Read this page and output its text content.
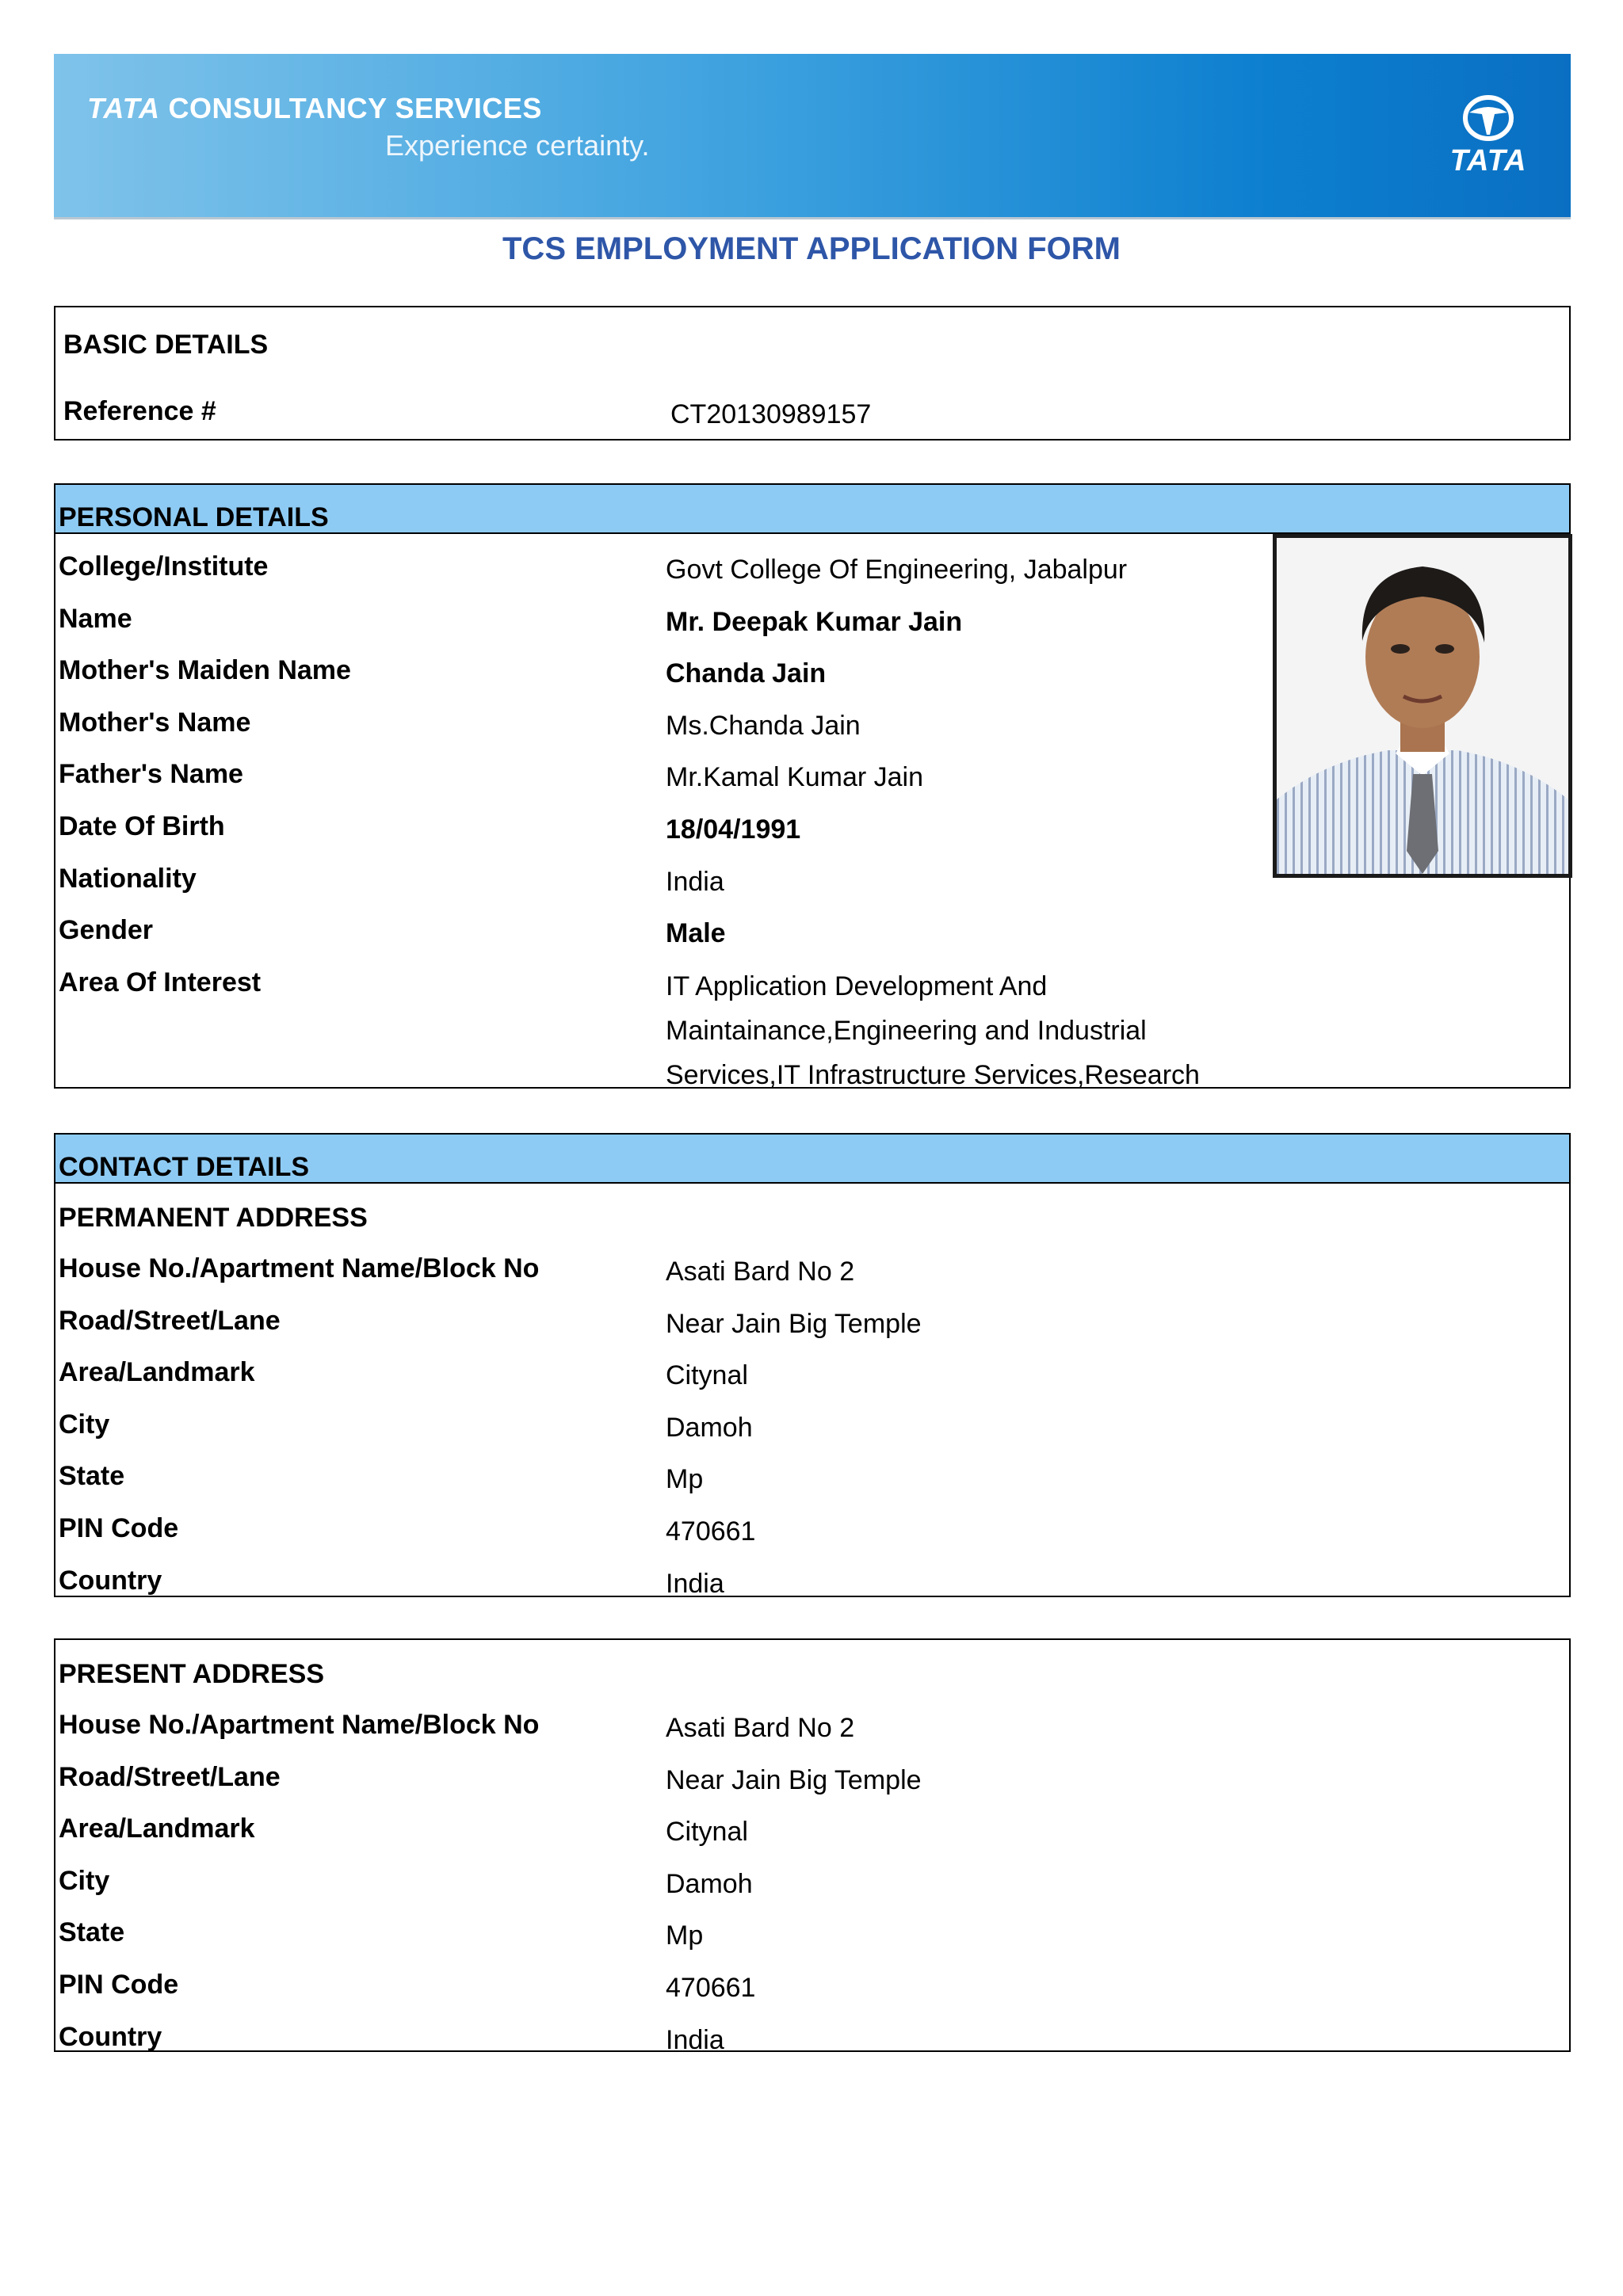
TATA CONSULTANCY SERVICES
Experience certainty.	TATA
TCS EMPLOYMENT APPLICATION FORM
BASIC DETAILS
Reference #	CT20130989157
PERSONAL DETAILS
College/Institute	Govt College Of Engineering, Jabalpur
Name	Mr. Deepak Kumar Jain
Mother's Maiden Name	Chanda Jain
Mother's Name	Ms.Chanda Jain
Father's Name	Mr.Kamal Kumar Jain
Date Of Birth	18/04/1991
Nationality	India
Gender	Male
Area Of Interest	IT Application Development And Maintainance,Engineering and Industrial Services,IT Infrastructure Services,Research
CONTACT DETAILS
PERMANENT ADDRESS
House No./Apartment Name/Block No	Asati Bard No 2
Road/Street/Lane	Near Jain Big Temple
Area/Landmark	Citynal
City	Damoh
State	Mp
PIN Code	470661
Country	India
PRESENT ADDRESS
House No./Apartment Name/Block No	Asati Bard No 2
Road/Street/Lane	Near Jain Big Temple
Area/Landmark	Citynal
City	Damoh
State	Mp
PIN Code	470661
Country	India
